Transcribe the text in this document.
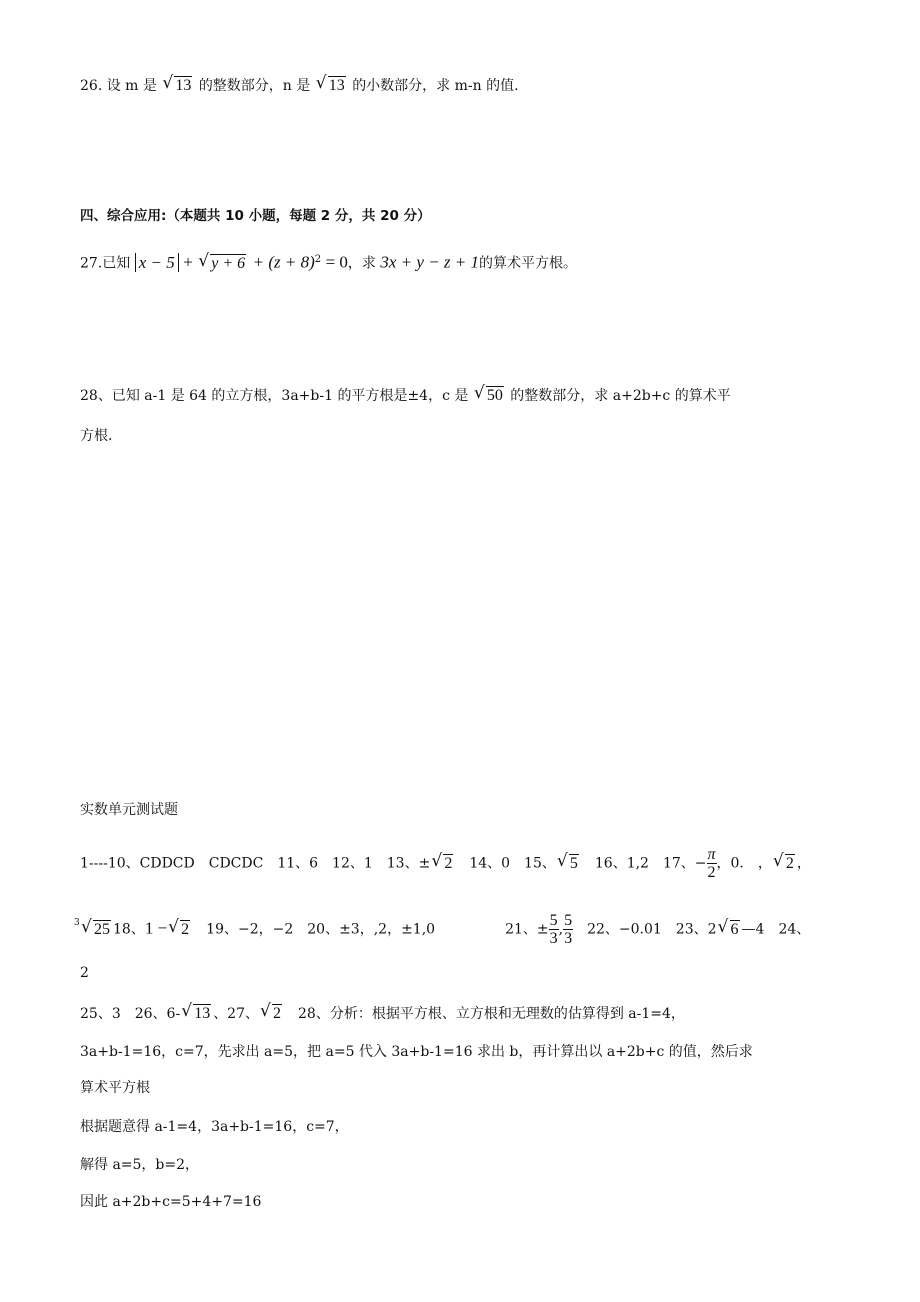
26. 设 m 是 √ 13 的整数部分，n 是 √ 13 的小数部分，求 m-n 的值.
四、综合应用:（本题共 10 小题，每题 2 分，共 20 分）
27.已知 x − 5 + √ $y + 6 + (z + 8)^2 = 0$，求 3x + y − z + 1的算术平方根。
28、已知 a-1 是 64 的立方根，3a+b-1 的平方根是±4，c 是 √ 50 的整数部分，求 a+2b+c 的算术平
方根.
实数单元测试题
1----10、CDDCD　CDCDC　11、6　12、1　13、± √ 2　14、0　15、 √ 5　16、1,2　17、− $\frac{\pi}{2}$ ，0.　， √ 2 ，
3 √ 25 18、1 − √ 2　19、−2，−2　20、±3，,2，±1,0	21、± $\frac{5}{3}$ , $\frac{5}{3}$ 　22、−0.01　23、2 √ 6 —4　24、
2
25、3　26、6- √ 13 、27、 √ 2　28、分析：根据平方根、立方根和无理数的估算得到 a-1=4，
3a+b-1=16，c=7，先求出 a=5，把 a=5 代入 3a+b-1=16 求出 b，再计算出以 a+2b+c 的值，然后求
算术平方根
根据题意得 a-1=4，3a+b-1=16，c=7，
解得 a=5，b=2，
因此 a+2b+c=5+4+7=16
